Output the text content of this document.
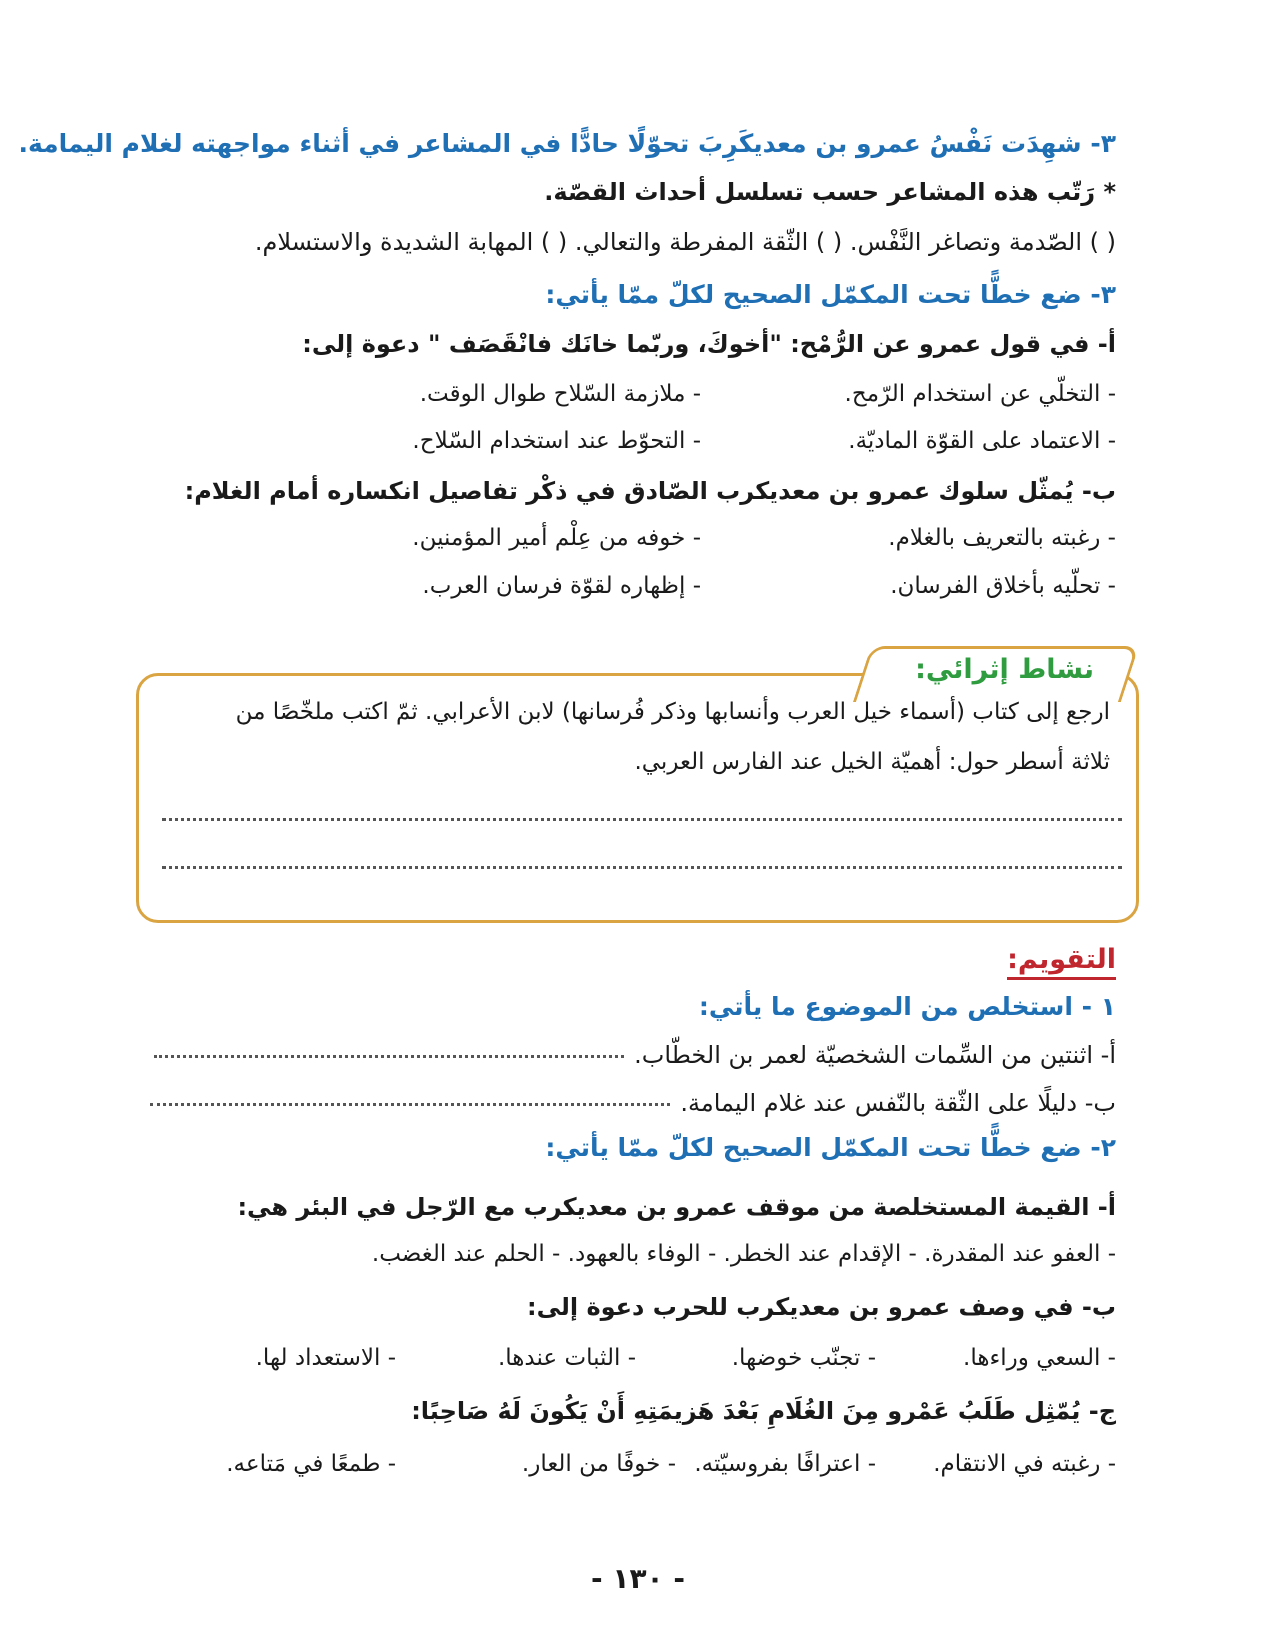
٣- شهِدَت نَفْسُ عمرو بن معديكَرِبَ تحوّلًا حادًّا في المشاعر في أثناء مواجهته لغلام اليمامة.
* رَتّب هذه المشاعر حسب تسلسل أحداث القصّة.
( ) الصّدمة وتصاغر النَّفْس. ( ) الثّقة المفرطة والتعالي. ( ) المهابة الشديدة والاستسلام.
٣- ضع خطًّا تحت المكمّل الصحيح لكلّ ممّا يأتي:
أ- في قول عمرو عن الرُّمْح: "أخوكَ، وربّما خانَك فانْقَصَف " دعوة إلى:
- التخلّي عن استخدام الرّمح.
- ملازمة السّلاح طوال الوقت.
- الاعتماد على القوّة الماديّة.
- التحوّط عند استخدام السّلاح.
ب- يُمثّل سلوك عمرو بن معديكرب الصّادق في ذكْر تفاصيل انكساره أمام الغلام:
- رغبته بالتعريف بالغلام.
- خوفه من عِلْم أمير المؤمنين.
- تحلّيه بأخلاق الفرسان.
- إظهاره لقوّة فرسان العرب.
نشاط إثرائي:
ارجع إلى كتاب (أسماء خيل العرب وأنسابها وذكر فُرسانها) لابن الأعرابي. ثمّ اكتب ملخّصًا من
ثلاثة أسطر حول: أهميّة الخيل عند الفارس العربي.
التقويم:
١ - استخلص من الموضوع ما يأتي:
أ- اثنتين من السِّمات الشخصيّة لعمر بن الخطّاب.
ب- دليلًا على الثّقة بالنّفس عند غلام اليمامة.
٢- ضع خطًّا تحت المكمّل الصحيح لكلّ ممّا يأتي:
أ- القيمة المستخلصة من موقف عمرو بن معديكرب مع الرّجل في البئر هي:
- العفو عند المقدرة. - الإقدام عند الخطر. - الوفاء بالعهود. - الحلم عند الغضب.
ب- في وصف عمرو بن معديكرب للحرب دعوة إلى:
- السعي وراءها.
- تجنّب خوضها.
- الثبات عندها.
- الاستعداد لها.
ج- يُمّثِل طَلَبُ عَمْرو مِنَ الغُلَامِ بَعْدَ هَزيمَتِهِ أَنْ يَكُونَ لَهُ صَاحِبًا:
- رغبته في الانتقام.
- اعترافًا بفروسيّته.
- خوفًا من العار.
- طمعًا في مَتاعه.
- ١٣٠ -
